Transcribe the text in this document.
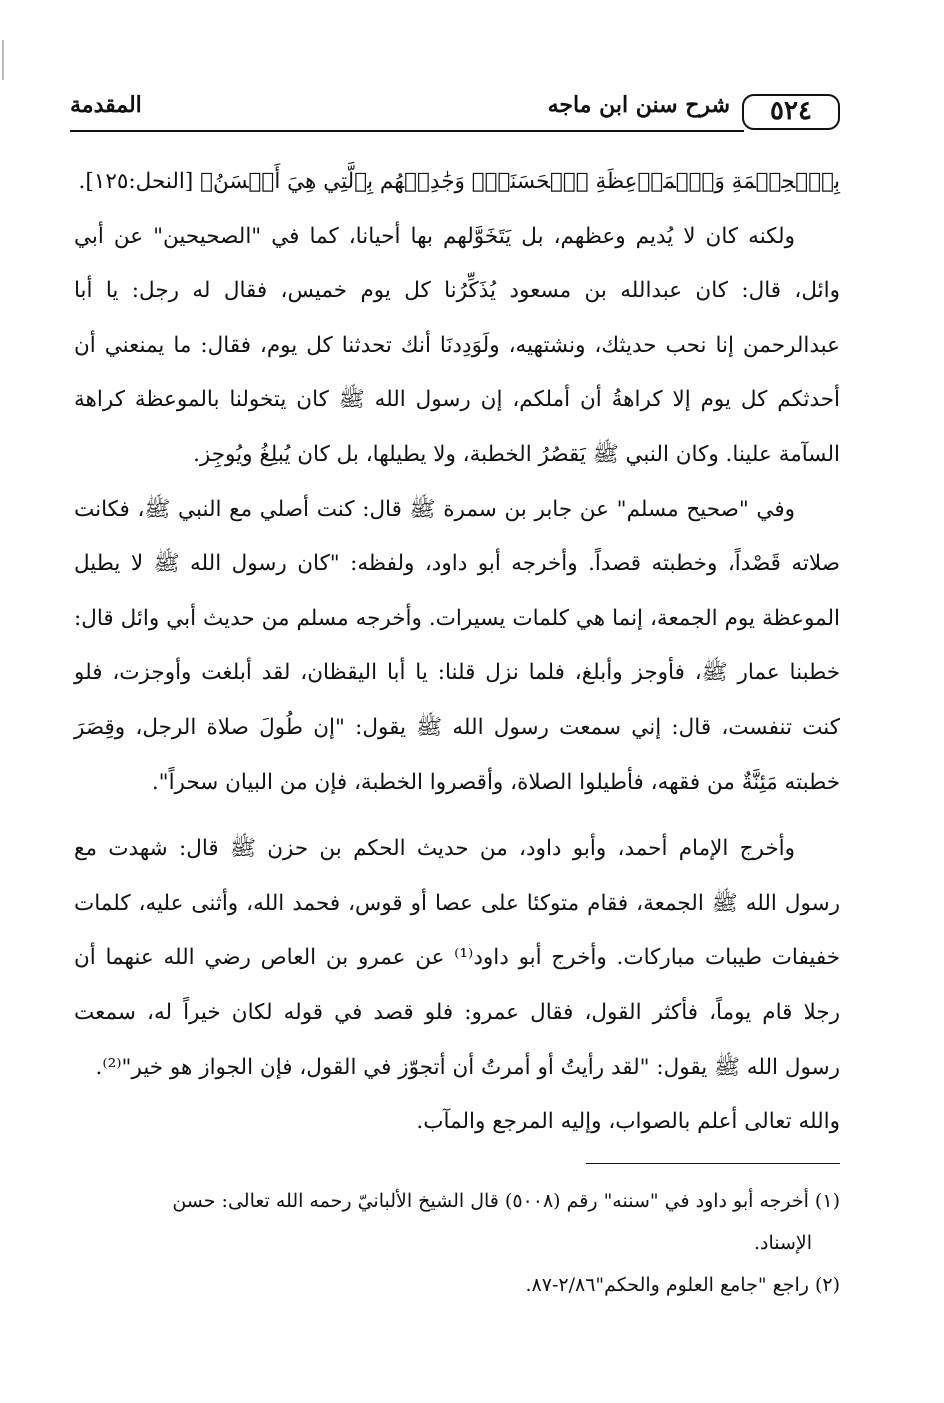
٥٢٤
شرح سنن ابن ماجه
المقدمة

بِٱلۡحِكۡمَةِ وَٱلۡمَوۡعِظَةِ ٱلۡحَسَنَةِۖ وَجَٰدِلۡهُم بِٱلَّتِي هِيَ أَحۡسَنُ﴾ [النحل:١٢٥].

ولكنه كان لا يُديم وعظهم، بل يَتَخَوَّلهم بها أحيانا، كما في "الصحيحين" عن أبي وائل، قال: كان عبدالله بن مسعود يُذَكِّرُنا كل يوم خميس، فقال له رجل: يا أبا عبدالرحمن إنا نحب حديثك، ونشتهيه، ولَوَدِدنَا أنك تحدثنا كل يوم، فقال: ما يمنعني أن أحدثكم كل يوم إلا كراهةُ أن أملكم، إن رسول الله ﷺ كان يتخولنا بالموعظة كراهة السآمة علينا. وكان النبي ﷺ يَقصُرُ الخطبة، ولا يطيلها، بل كان يُبلِغُ ويُوجِز.

وفي "صحيح مسلم" عن جابر بن سمرة ﷺ قال: كنت أصلي مع النبي ﷺ، فكانت صلاته قَصْداً، وخطبته قصداً. وأخرجه أبو داود، ولفظه: "كان رسول الله ﷺ لا يطيل الموعظة يوم الجمعة، إنما هي كلمات يسيرات. وأخرجه مسلم من حديث أبي وائل قال: خطبنا عمار ﷺ، فأوجز وأبلغ، فلما نزل قلنا: يا أبا اليقظان، لقد أبلغت وأوجزت، فلو كنت تنفست، قال: إني سمعت رسول الله ﷺ يقول: "إن طُولَ صلاة الرجل، وقِصَرَ خطبته مَئِنَّةٌ من فقهه، فأطيلوا الصلاة، وأقصروا الخطبة، فإن من البيان سحراً".

وأخرج الإمام أحمد، وأبو داود، من حديث الحكم بن حزن ﷺ قال: شهدت مع رسول الله ﷺ الجمعة، فقام متوكئا على عصا أو قوس، فحمد الله، وأثنى عليه، كلمات خفيفات طيبات مباركات. وأخرج أبو داود⁽¹⁾ عن عمرو بن العاص رضي الله عنهما أن رجلا قام يوماً، فأكثر القول، فقال عمرو: فلو قصد في قوله لكان خيراً له، سمعت رسول الله ﷺ يقول: "لقد رأيتُ أو أمرتُ أن أتجوّز في القول، فإن الجواز هو خير"⁽²⁾.

والله تعالى أعلم بالصواب، وإليه المرجع والمآب.

(١) أخرجه أبو داود في "سننه" رقم (٥٠٠٨) قال الشيخ الألبانيّ رحمه الله تعالى: حسن

الإسناد.

(٢) راجع "جامع العلوم والحكم"٢/٨٦-٨٧.
